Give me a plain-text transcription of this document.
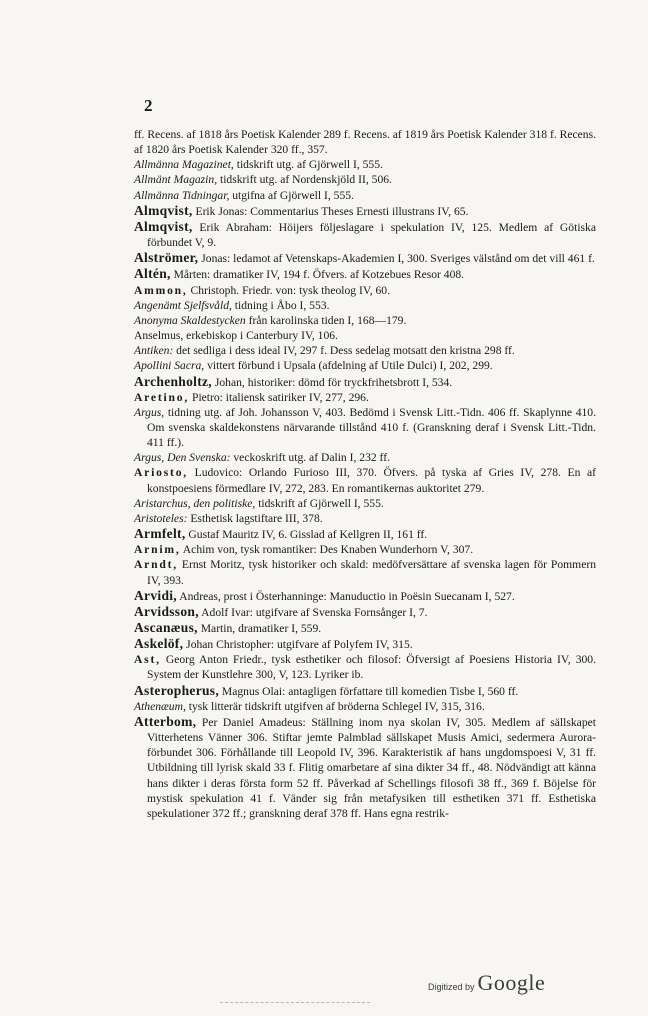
2

ff. Recens. af 1818 års Poetisk Kalender 289 f. Recens. af 1819 års Poetisk Kalender 318 f. Recens. af 1820 års Poetisk Kalender 320 ff., 357.

Allmänna Magazinet, tidskrift utg. af Gjörwell I, 555.

Allmänt Magazin, tidskrift utg. af Nordenskjöld II, 506.

Allmänna Tidningar, utgifna af Gjörwell I, 555.

Almqvist, Erik Jonas: Commentarius Theses Ernesti illustrans IV, 65.

Almqvist, Erik Abraham: Höijers följeslagare i spekulation IV, 125. Medlem af Götiska förbundet V, 9.

Alströmer, Jonas: ledamot af Vetenskaps-Akademien I, 300. Sveriges välstånd om det vill 461 f.

Altén, Mårten: dramatiker IV, 194 f. Öfvers. af Kotzebues Resor 408.

Ammon, Christoph. Friedr. von: tysk theolog IV, 60.

Angenämt Sjelfsvåld, tidning i Åbo I, 553.

Anonyma Skaldestycken från karolinska tiden I, 168—179.

Anselmus, erkebiskop i Canterbury IV, 106.

Antiken: det sedliga i dess ideal IV, 297 f. Dess sedelag motsatt den kristna 298 ff.

Apollini Sacra, vittert förbund i Upsala (afdelning af Utile Dulci) I, 202, 299.

Archenholtz, Johan, historiker: dömd för tryckfrihetsbrott I, 534.

Aretino, Pietro: italiensk satiriker IV, 277, 296.

Argus, tidning utg. af Joh. Johansson V, 403. Bedömd i Svensk Litt.-Tidn. 406 ff. Skaplynne 410. Om svenska skaldekonstens närvarande tillstånd 410 f. (Granskning deraf i Svensk Litt.-Tidn. 411 ff.).

Argus, Den Svenska: veckoskrift utg. af Dalin I, 232 ff.

Ariosto, Ludovico: Orlando Furioso III, 370. Öfvers. på tyska af Gries IV, 278. En af konstpoesiens förmedlare IV, 272, 283. En romantikernas auktoritet 279.

Aristarchus, den politiske, tidskrift af Gjörwell I, 555.

Aristoteles: Esthetisk lagstiftare III, 378.

Armfelt, Gustaf Mauritz IV, 6. Gisslad af Kellgren II, 161 ff.

Arnim, Achim von, tysk romantiker: Des Knaben Wunderhorn V, 307.

Arndt, Ernst Moritz, tysk historiker och skald: medöfversättare af svenska lagen för Pommern IV, 393.

Arvidi, Andreas, prost i Österhanninge: Manuductio in Poësin Suecanam I, 527.

Arvidsson, Adolf Ivar: utgifvare af Svenska Fornsånger I, 7.

Ascanæus, Martin, dramatiker I, 559.

Askelöf, Johan Christopher: utgifvare af Polyfem IV, 315.

Ast, Georg Anton Friedr., tysk esthetiker och filosof: Öfversigt af Poesiens Historia IV, 300. System der Kunstlehre 300, V, 123. Lyriker ib.

Asteropherus, Magnus Olai: antagligen författare till komedien Tisbe I, 560 ff.

Athenæum, tysk litterär tidskrift utgifven af bröderna Schlegel IV, 315, 316.

Atterbom, Per Daniel Amadeus: Ställning inom nya skolan IV, 305. Medlem af sällskapet Vitterhetens Vänner 306. Stiftar jemte Palmblad sällskapet Musis Amici, sedermera Aurora-förbundet 306. Förhållande till Leopold IV, 396. Karakteristik af hans ungdomspoesi V, 31 ff. Utbildning till lyrisk skald 33 f. Flitig omarbetare af sina dikter 34 ff., 48. Nödvändigt att känna hans dikter i deras första form 52 ff. Påverkad af Schellings filosofi 38 ff., 369 f. Böjelse för mystisk spekulation 41 f. Vänder sig från metafysiken till esthetiken 371 ff. Esthetiska spekulationer 372 ff.; granskning deraf 378 ff. Hans egna restrik-

Digitized by Google
